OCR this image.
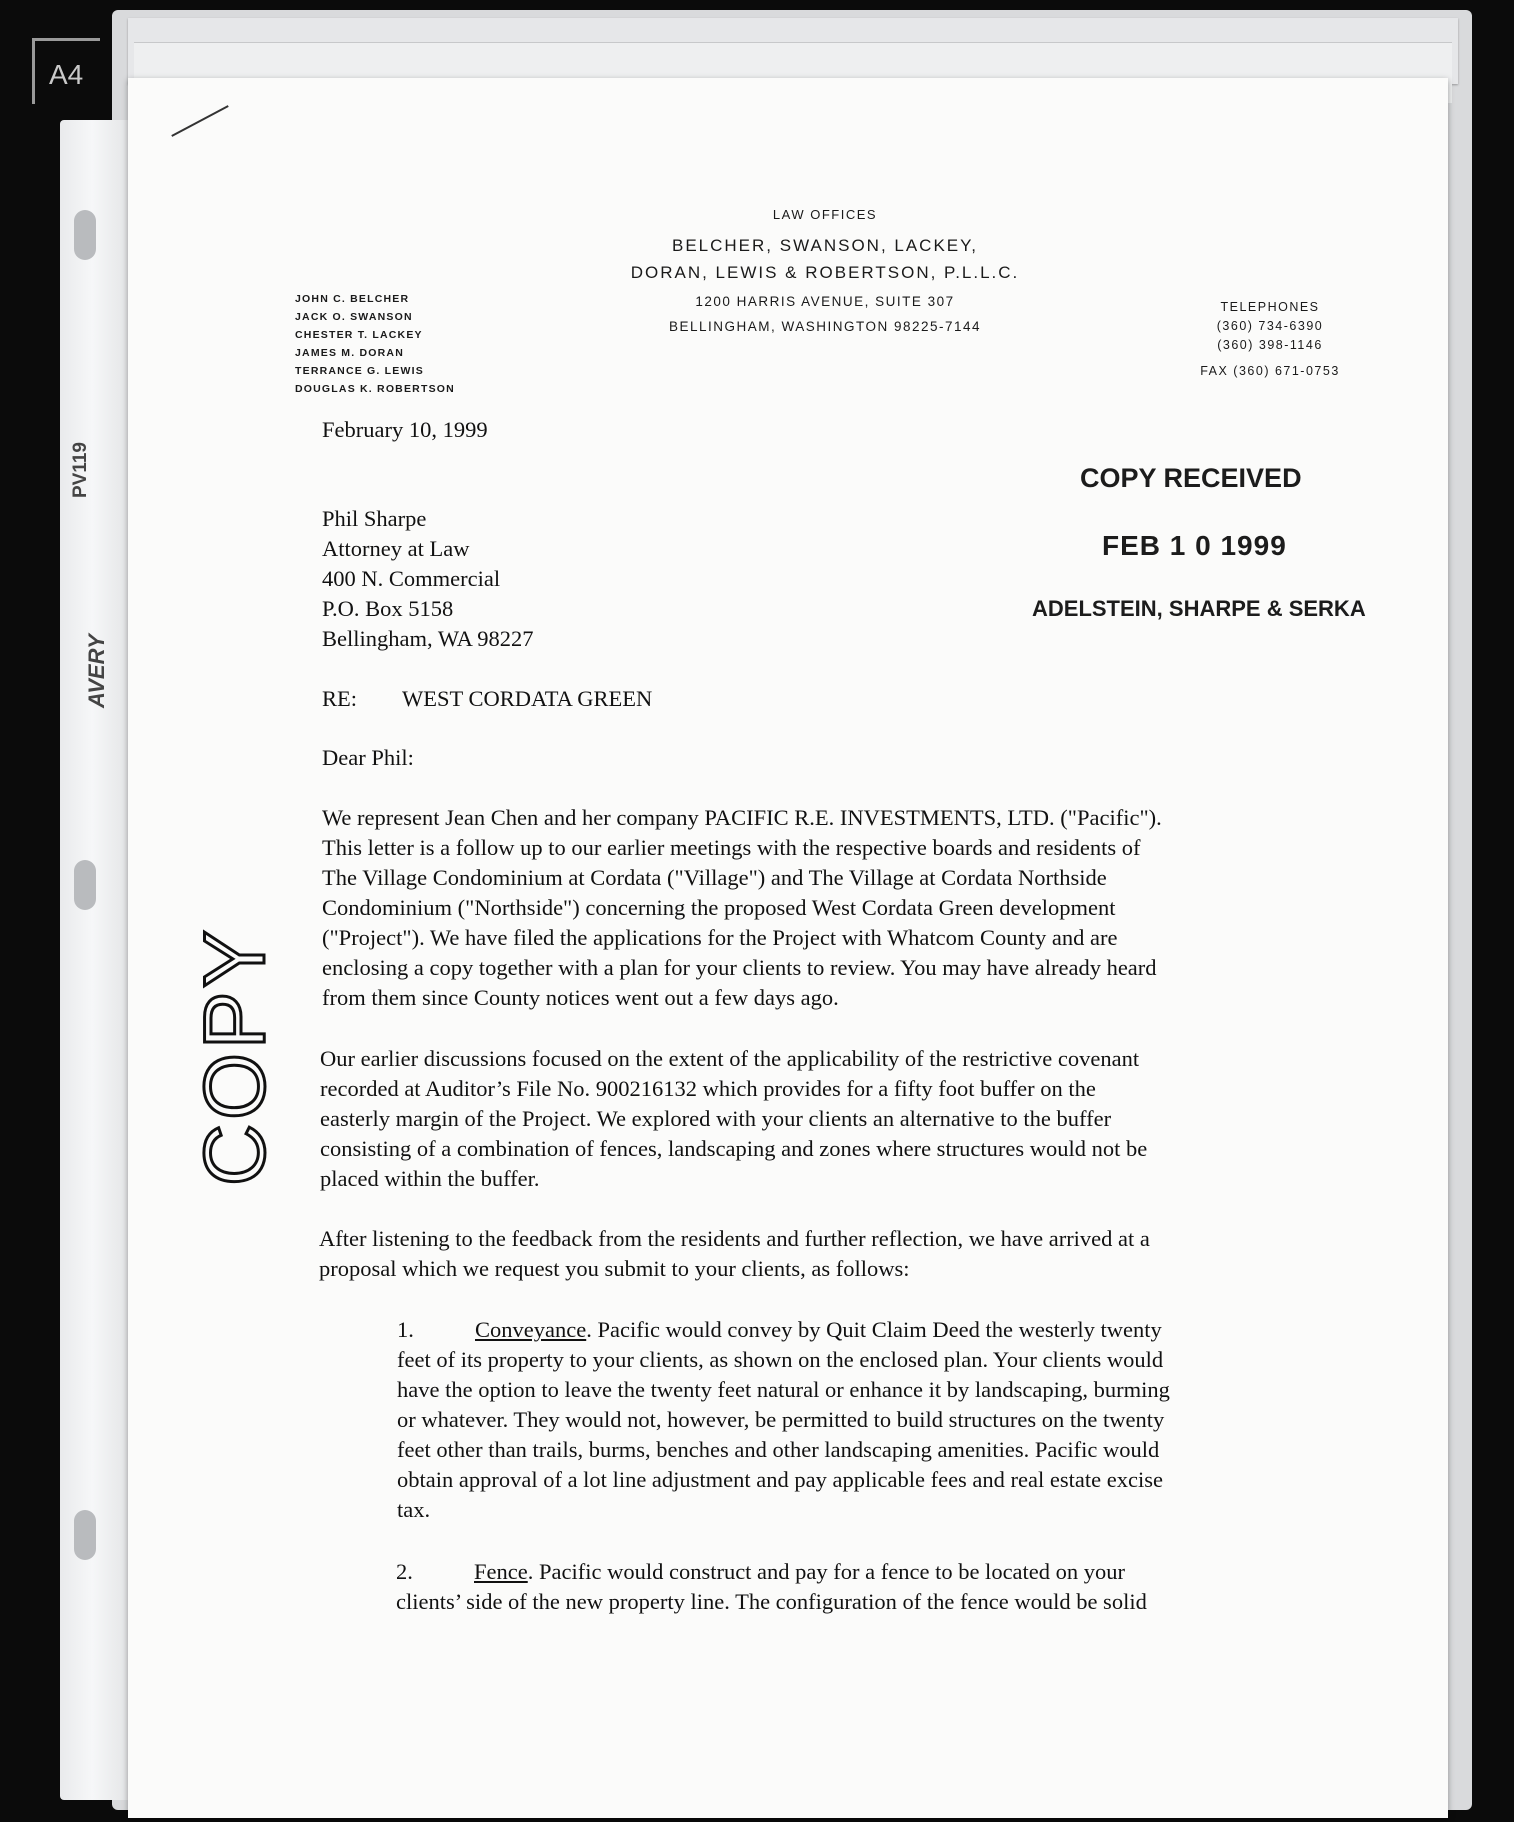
A4
PV119
AVERY
COPY
LAW OFFICES
BELCHER, SWANSON, LACKEY,
DORAN, LEWIS & ROBERTSON, P.L.L.C.
1200 HARRIS AVENUE, SUITE 307
BELLINGHAM, WASHINGTON 98225-7144
JOHN C. BELCHER
JACK O. SWANSON
CHESTER T. LACKEY
JAMES M. DORAN
TERRANCE G. LEWIS
DOUGLAS K. ROBERTSON
TELEPHONES
(360) 734-6390
(360) 398-1146
FAX (360) 671-0753
COPY RECEIVED
FEB 1 0 1999
ADELSTEIN, SHARPE & SERKA
February 10, 1999
Phil Sharpe
Attorney at Law
400 N. Commercial
P.O. Box 5158
Bellingham, WA 98227
RE: WEST CORDATA GREEN
Dear Phil:
We represent Jean Chen and her company PACIFIC R.E. INVESTMENTS, LTD. ("Pacific").
This letter is a follow up to our earlier meetings with the respective boards and residents of
The Village Condominium at Cordata ("Village") and The Village at Cordata Northside
Condominium ("Northside") concerning the proposed West Cordata Green development
("Project"). We have filed the applications for the Project with Whatcom County and are
enclosing a copy together with a plan for your clients to review. You may have already heard
from them since County notices went out a few days ago.
Our earlier discussions focused on the extent of the applicability of the restrictive covenant
recorded at Auditor’s File No. 900216132 which provides for a fifty foot buffer on the
easterly margin of the Project. We explored with your clients an alternative to the buffer
consisting of a combination of fences, landscaping and zones where structures would not be
placed within the buffer.
After listening to the feedback from the residents and further reflection, we have arrived at a
proposal which we request you submit to your clients, as follows:
1.	Conveyance. Pacific would convey by Quit Claim Deed the westerly twenty
feet of its property to your clients, as shown on the enclosed plan. Your clients would
have the option to leave the twenty feet natural or enhance it by landscaping, burming
or whatever. They would not, however, be permitted to build structures on the twenty
feet other than trails, burms, benches and other landscaping amenities. Pacific would
obtain approval of a lot line adjustment and pay applicable fees and real estate excise
tax.
2.	Fence. Pacific would construct and pay for a fence to be located on your
clients’ side of the new property line. The configuration of the fence would be solid
